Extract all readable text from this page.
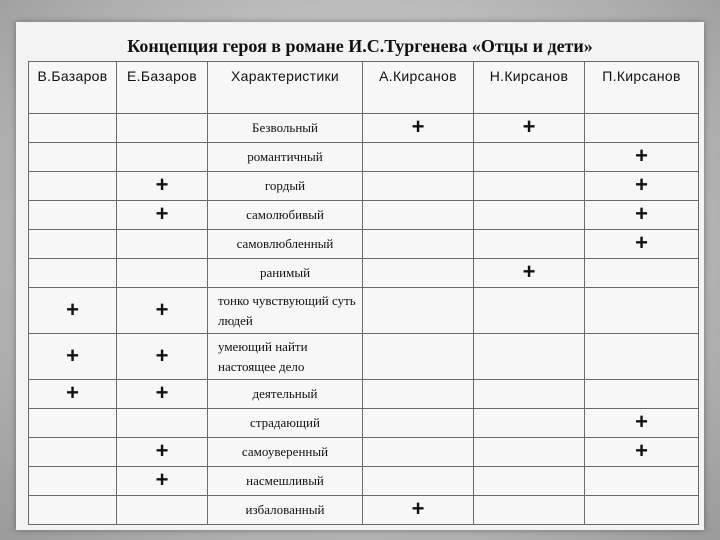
Концепция героя в романе И.С.Тургенева «Отцы и дети»
В.Базаров	Е.Базаров	Характеристики	А.Кирсанов	Н.Кирсанов	П.Кирсанов
		Безвольный	+	+	
		романтичный			+
	+	гордый			+
	+	самолюбивый			+
		самовлюбленный			+
		ранимый		+	
+	+	тонко чувствующий суть людей			
+	+	умеющий найти настоящее дело			
+	+	деятельный			
		страдающий			+
	+	самоуверенный			+
	+	насмешливый			
		избалованный	+		
